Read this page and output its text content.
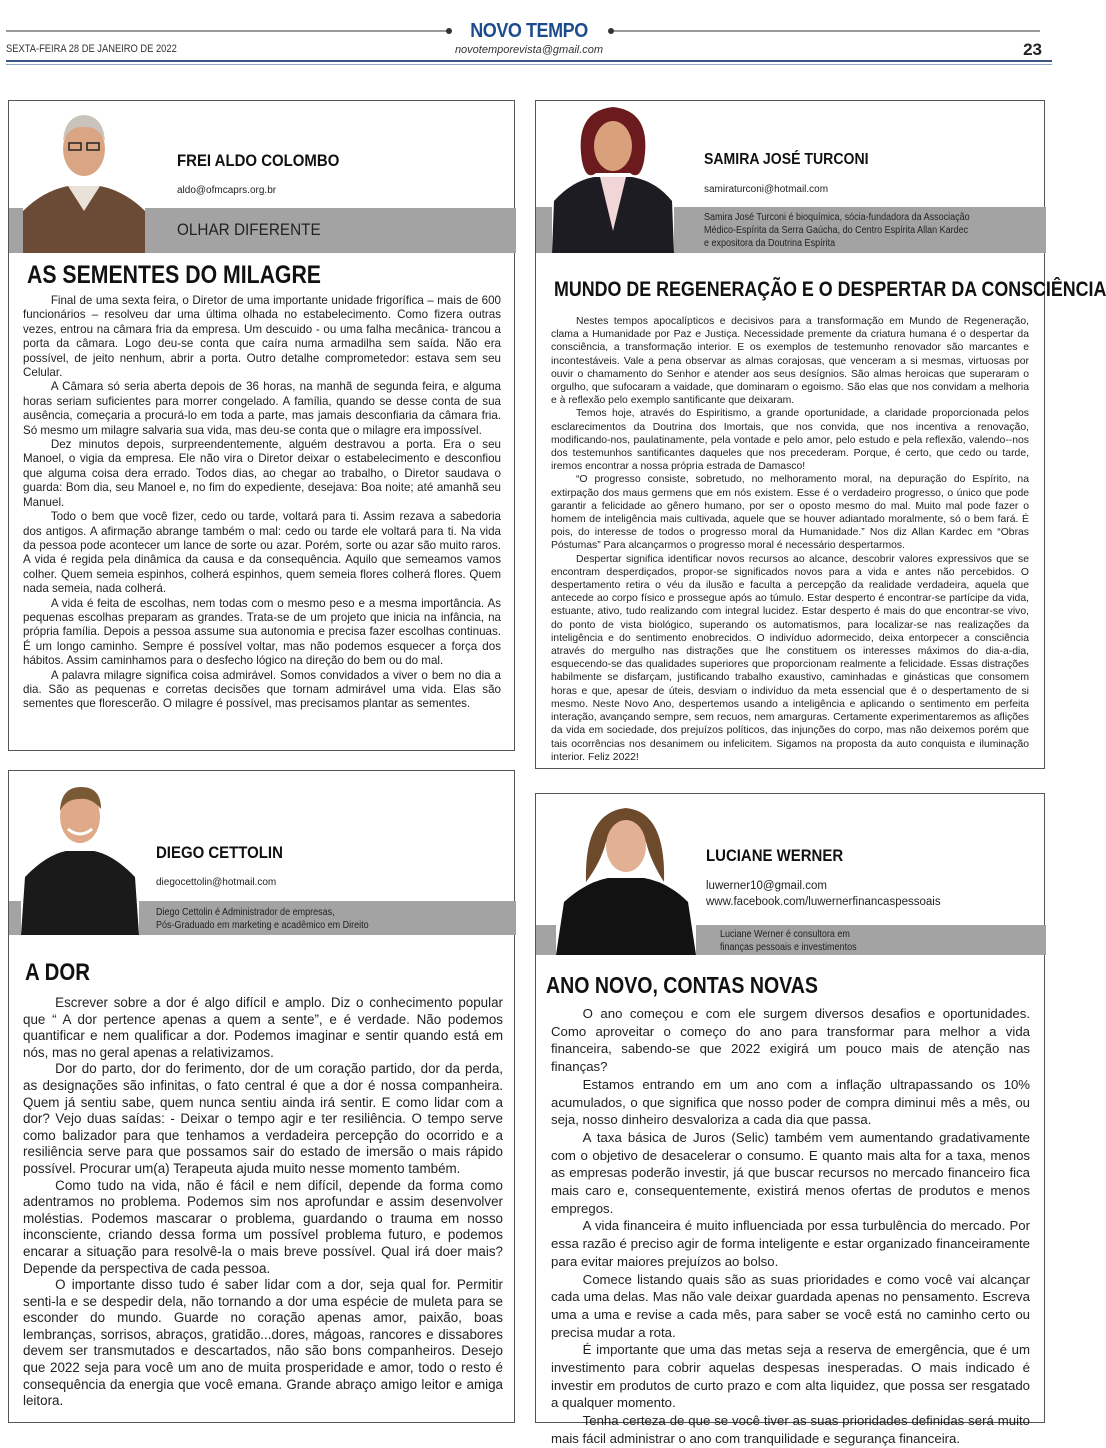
NOVO TEMPO
SEXTA-FEIRA 28 DE JANEIRO DE 2022	novotemporevista@gmail.com	23
OLHAR DIFERENTE
FREI ALDO COLOMBO
aldo@ofmcaprs.org.br
AS SEMENTES DO MILAGRE

Final de uma sexta feira, o Diretor de uma importante unidade frigorífica – mais de 600 funcionários – resolveu dar uma última olhada no estabelecimento. Como fizera outras vezes, entrou na câmara fria da empresa. Um descuido - ou uma falha mecânica- trancou a porta da câmara. Logo deu-se conta que caíra numa armadilha sem saída. Não era possível, de jeito nenhum, abrir a porta. Outro detalhe comprometedor: estava sem seu Celular.

A Câmara só seria aberta depois de 36 horas, na manhã de segunda feira, e alguma horas seriam suficientes para morrer congelado. A família, quando se desse conta de sua ausência, começaria a procurá-lo em toda a parte, mas jamais desconfiaria da câmara fria. Só mesmo um milagre salvaria sua vida, mas deu-se conta que o milagre era impossível.

Dez minutos depois, surpreendentemente, alguém destravou a porta. Era o seu Manoel, o vigia da empresa. Ele não vira o Diretor deixar o estabelecimento e desconfiou que alguma coisa dera errado. Todos dias, ao chegar ao trabalho, o Diretor saudava o guarda: Bom dia, seu Manoel e, no fim do expediente, desejava: Boa noite; até amanhã seu Manuel.

Todo o bem que você fizer, cedo ou tarde, voltará para ti. Assim rezava a sabedoria dos antigos. A afirmação abrange também o mal: cedo ou tarde ele voltará para ti. Na vida da pessoa pode acontecer um lance de sorte ou azar. Porém, sorte ou azar são muito raros. A vida é regida pela dinâmica da causa e da consequência. Aquilo que semeamos vamos colher. Quem semeia espinhos, colherá espinhos, quem semeia flores colherá flores. Quem nada semeia, nada colherá.

A vida é feita de escolhas, nem todas com o mesmo peso e a mesma importância. As pequenas escolhas preparam as grandes. Trata-se de um projeto que inicia na infância, na própria família. Depois a pessoa assume sua autonomia e precisa fazer escolhas continuas. É um longo caminho. Sempre é possível voltar, mas não podemos esquecer a força dos hábitos. Assim caminhamos para o desfecho lógico na direção do bem ou do mal.

A palavra milagre significa coisa admirável. Somos convidados a viver o bem no dia a dia. São as pequenas e corretas decisões que tornam admirável uma vida. Elas são sementes que florescerão. O milagre é possível, mas precisamos plantar as sementes.

Samira José Turconi é bioquímica, sócia-fundadora da Associação Médico-Espírita da Serra Gaúcha, do Centro Espírita Allan Kardec e expositora da Doutrina Espírita
SAMIRA JOSÉ TURCONI
samiraturconi@hotmail.com
MUNDO DE REGENERAÇÃO E O DESPERTAR DA CONSCIÊNCIA

Nestes tempos apocalípticos e decisivos para a transformação em Mundo de Regeneração, clama a Humanidade por Paz e Justiça. Necessidade premente da criatura humana é o despertar da consciência, a transformação interior. E os exemplos de testemunho renovador são marcantes e incontestáveis. Vale a pena observar as almas corajosas, que venceram a si mesmas, virtuosas por ouvir o chamamento do Senhor e atender aos seus desígnios. São almas heroicas que superaram o orgulho, que sufocaram a vaidade, que dominaram o egoismo. São elas que nos convidam a melhoria e à reflexão pelo exemplo santificante que deixaram.

Temos hoje, através do Espiritismo, a grande oportunidade, a claridade proporcionada pelos esclarecimentos da Doutrina dos Imortais, que nos convida, que nos incentiva a renovação, modificando-nos, paulatinamente, pela vontade e pelo amor, pelo estudo e pela reflexão, valendo--nos dos testemunhos santificantes daqueles que nos precederam. Porque, é certo, que cedo ou tarde, iremos encontrar a nossa própria estrada de Damasco!

“O progresso consiste, sobretudo, no melhoramento moral, na depuração do Espírito, na extirpação dos maus germens que em nós existem. Esse é o verdadeiro progresso, o único que pode garantir a felicidade ao gênero humano, por ser o oposto mesmo do mal. Muito mal pode fazer o homem de inteligência mais cultivada, aquele que se houver adiantado moralmente, só o bem fará. É pois, do interesse de todos o progresso moral da Humanidade.” Nos diz Allan Kardec em “Obras Póstumas” Para alcançarmos o progresso moral é necessário despertarmos.

Despertar significa identificar novos recursos ao alcance, descobrir valores expressivos que se encontram desperdiçados, propor-se significados novos para a vida e antes não percebidos. O despertamento retira o véu da ilusão e faculta a percepção da realidade verdadeira, aquela que antecede ao corpo físico e prossegue após ao túmulo. Estar desperto é encontrar-se partícipe da vida, estuante, ativo, tudo realizando com integral lucidez. Estar desperto é mais do que encontrar-se vivo, do ponto de vista biológico, superando os automatismos, para localizar-se nas realizações da inteligência e do sentimento enobrecidos. O indivíduo adormecido, deixa entorpecer a consciência através do mergulho nas distrações que lhe constituem os interesses máximos do dia-a-dia, esquecendo-se das qualidades superiores que proporcionam realmente a felicidade. Essas distrações habilmente se disfarçam, justificando trabalho exaustivo, caminhadas e ginásticas que consomem horas e que, apesar de úteis, desviam o indivíduo da meta essencial que é o despertamento de si mesmo. Neste Novo Ano, despertemos usando a inteligência e aplicando o sentimento em perfeita interação, avançando sempre, sem recuos, nem amarguras. Certamente experimentaremos as aflições da vida em sociedade, dos prejuízos políticos, das injunções do corpo, mas não deixemos porém que tais ocorrências nos desanimem ou infelicitem. Sigamos na proposta da auto conquista e iluminação interior. Feliz 2022!

Diego Cettolin é Administrador de empresas,
Pós-Graduado em marketing e acadêmico em Direito
DIEGO CETTOLIN
diegocettolin@hotmail.com
A DOR

Escrever sobre a dor é algo difícil e amplo. Diz o conhecimento popular que “ A dor pertence apenas a quem a sente”, e é verdade. Não podemos quantificar e nem qualificar a dor. Podemos imaginar e sentir quando está em nós, mas no geral apenas a relativizamos.

Dor do parto, dor do ferimento, dor de um coração partido, dor da perda, as designações são infinitas, o fato central é que a dor é nossa companheira. Quem já sentiu sabe, quem nunca sentiu ainda irá sentir. E como lidar com a dor? Vejo duas saídas: - Deixar o tempo agir e ter resiliência. O tempo serve como balizador para que tenhamos a verdadeira percepção do ocorrido e a resiliência serve para que possamos sair do estado de imersão o mais rápido possível. Procurar um(a) Terapeuta ajuda muito nesse momento também.

Como tudo na vida, não é fácil e nem difícil, depende da forma como adentramos no problema. Podemos sim nos aprofundar e assim desenvolver moléstias. Podemos mascarar o problema, guardando o trauma em nosso inconsciente, criando dessa forma um possível problema futuro, e podemos encarar a situação para resolvê-la o mais breve possível. Qual irá doer mais? Depende da perspectiva de cada pessoa.

O importante disso tudo é saber lidar com a dor, seja qual for. Permitir senti-la e se despedir dela, não tornando a dor uma espécie de muleta para se esconder do mundo. Guarde no coração apenas amor, paixão, boas lembranças, sorrisos, abraços, gratidão...dores, mágoas, rancores e dissabores devem ser transmutados e descartados, não são bons companheiros. Desejo que 2022 seja para você um ano de muita prosperidade e amor, todo o resto é consequência da energia que você emana. Grande abraço amigo leitor e amiga leitora.

Luciane Werner é consultora em
finanças pessoais e investimentos
LUCIANE WERNER
luwerner10@gmail.com
www.facebook.com/luwernerfinancaspessoais
ANO NOVO, CONTAS NOVAS

O ano começou e com ele surgem diversos desafios e oportunidades. Como aproveitar o começo do ano para transformar para melhor a vida financeira, sabendo-se que 2022 exigirá um pouco mais de atenção nas finanças?

Estamos entrando em um ano com a inflação ultrapassando os 10% acumulados, o que significa que nosso poder de compra diminui mês a mês, ou seja, nosso dinheiro desvaloriza a cada dia que passa.

A taxa básica de Juros (Selic) também vem aumentando gradativamente com o objetivo de desacelerar o consumo. E quanto mais alta for a taxa, menos as empresas poderão investir, já que buscar recursos no mercado financeiro fica mais caro e, consequentemente, existirá menos ofertas de produtos e menos empregos.

A vida financeira é muito influenciada por essa turbulência do mercado. Por essa razão é preciso agir de forma inteligente e estar organizado financeiramente para evitar maiores prejuízos ao bolso.

Comece listando quais são as suas prioridades e como você vai alcançar cada uma delas. Mas não vale deixar guardada apenas no pensamento. Escreva uma a uma e revise a cada mês, para saber se você está no caminho certo ou precisa mudar a rota.

É importante que uma das metas seja a reserva de emergência, que é um investimento para cobrir aquelas despesas inesperadas. O mais indicado é investir em produtos de curto prazo e com alta liquidez, que possa ser resgatado a qualquer momento.

Tenha certeza de que se você tiver as suas prioridades definidas será muito mais fácil administrar o ano com tranquilidade e segurança financeira.
